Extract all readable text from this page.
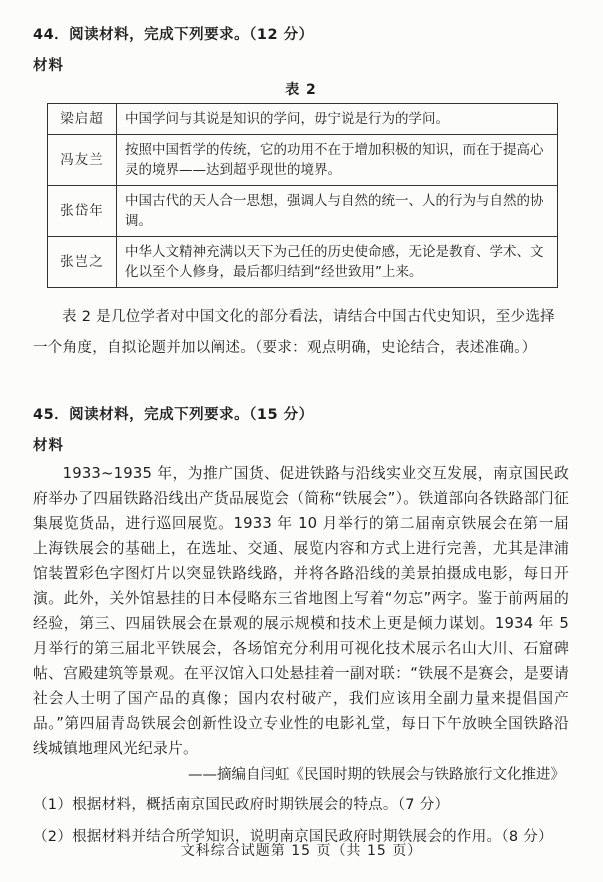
44．阅读材料，完成下列要求。（12 分）
材料
表 2
梁启超	中国学问与其说是知识的学问，毋宁说是行为的学问。
冯友兰	按照中国哲学的传统，它的功用不在于增加积极的知识，而在于提高心灵的境界——达到超乎现世的境界。
张岱年	中国古代的天人合一思想，强调人与自然的统一、人的行为与自然的协调。
张岂之	中华人文精神充满以天下为己任的历史使命感，无论是教育、学术、文化以至个人修身，最后都归结到“经世致用”上来。
表 2 是几位学者对中国文化的部分看法，请结合中国古代史知识，至少选择一个角度，自拟论题并加以阐述。（要求：观点明确，史论结合，表述准确。）
45．阅读材料，完成下列要求。（15 分）
材料
1933~1935 年，为推广国货、促进铁路与沿线实业交互发展，南京国民政府举办了四届铁路沿线出产货品展览会（简称“铁展会”）。铁道部向各铁路部门征集展览货品，进行巡回展览。1933 年 10 月举行的第二届南京铁展会在第一届上海铁展会的基础上，在选址、交通、展览内容和方式上进行完善，尤其是津浦馆装置彩色字图灯片以突显铁路线路，并将各路沿线的美景拍摄成电影，每日开演。此外，关外馆悬挂的日本侵略东三省地图上写着“勿忘”两字。鉴于前两届的经验，第三、四届铁展会在景观的展示规模和技术上更是倾力谋划。1934 年 5 月举行的第三届北平铁展会，各场馆充分利用可视化技术展示名山大川、石窟碑帖、宫殿建筑等景观。在平汉馆入口处悬挂着一副对联：“铁展不是赛会，是要请社会人士明了国产品的真像；国内农村破产，我们应该用全副力量来提倡国产品。”第四届青岛铁展会创新性设立专业性的电影礼堂，每日下午放映全国铁路沿线城镇地理风光纪录片。
——摘编自闫虹《民国时期的铁展会与铁路旅行文化推进》
（1）根据材料，概括南京国民政府时期铁展会的特点。（7 分）
（2）根据材料并结合所学知识，说明南京国民政府时期铁展会的作用。（8 分）
文科综合试题第 15 页（共 15 页）
